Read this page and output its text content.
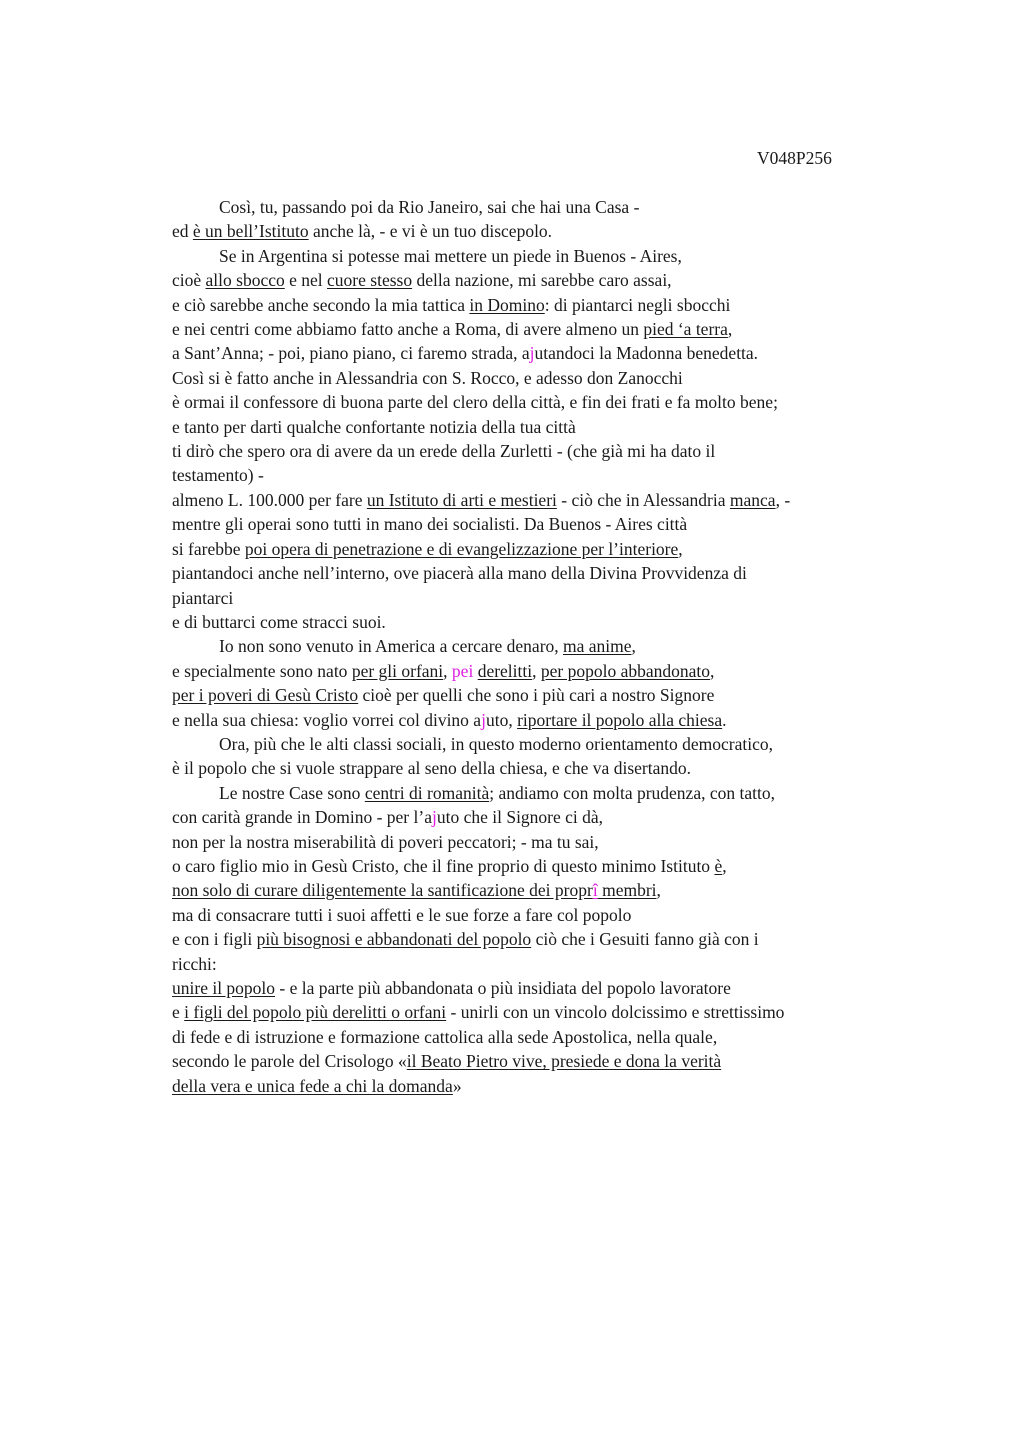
V048P256
Così, tu, passando poi da Rio Janeiro, sai che hai una Casa -
ed è un bell’Istituto anche là, - e vi è un tuo discepolo.
Se in Argentina si potesse mai mettere un piede in Buenos - Aires,
cioè allo sbocco e nel cuore stesso della nazione, mi sarebbe caro assai,
e ciò sarebbe anche secondo la mia tattica in Domino: di piantarci negli sbocchi
e nei centri come abbiamo fatto anche a Roma, di avere almeno un pied ‘a terra,
a Sant’Anna; - poi, piano piano, ci faremo strada, ajutandoci la Madonna benedetta.
Così si è fatto anche in Alessandria con S. Rocco, e adesso don Zanocchi
è ormai il confessore di buona parte del clero della città, e fin dei frati e fa molto bene;
e tanto per darti qualche confortante notizia della tua città
ti dirò che spero ora di avere da un erede della Zurletti - (che già mi ha dato il
testamento) -
almeno L. 100.000 per fare un Istituto di arti e mestieri - ciò che in Alessandria manca, -
mentre gli operai sono tutti in mano dei socialisti. Da Buenos - Aires città
si farebbe poi opera di penetrazione e di evangelizzazione per l’interiore,
piantandoci anche nell’interno, ove piacerà alla mano della Divina Provvidenza di
piantarci
e di buttarci come stracci suoi.
Io non sono venuto in America a cercare denaro, ma anime,
e specialmente sono nato per gli orfani, pei derelitti, per popolo abbandonato,
per i poveri di Gesù Cristo cioè per quelli che sono i più cari a nostro Signore
e nella sua chiesa: voglio vorrei col divino ajuto, riportare il popolo alla chiesa.
Ora, più che le alti classi sociali, in questo moderno orientamento democratico,
è il popolo che si vuole strappare al seno della chiesa, e che va disertando.
Le nostre Case sono centri di romanità; andiamo con molta prudenza, con tatto,
con carità grande in Domino - per l’ajuto che il Signore ci dà,
non per la nostra miserabilità di poveri peccatori; - ma tu sai,
o caro figlio mio in Gesù Cristo, che il fine proprio di questo minimo Istituto è,
non solo di curare diligentemente la santificazione dei proprî membri,
ma di consacrare tutti i suoi affetti e le sue forze a fare col popolo
e con i figli più bisognosi e abbandonati del popolo ciò che i Gesuiti fanno già con i
ricchi:
unire il popolo - e la parte più abbandonata o più insidiata del popolo lavoratore
e i figli del popolo più derelitti o orfani - unirli con un vincolo dolcissimo e strettissimo
di fede e di istruzione e formazione cattolica alla sede Apostolica, nella quale,
secondo le parole del Crisologo «il Beato Pietro vive, presiede e dona la verità
della vera e unica fede a chi la domanda»
